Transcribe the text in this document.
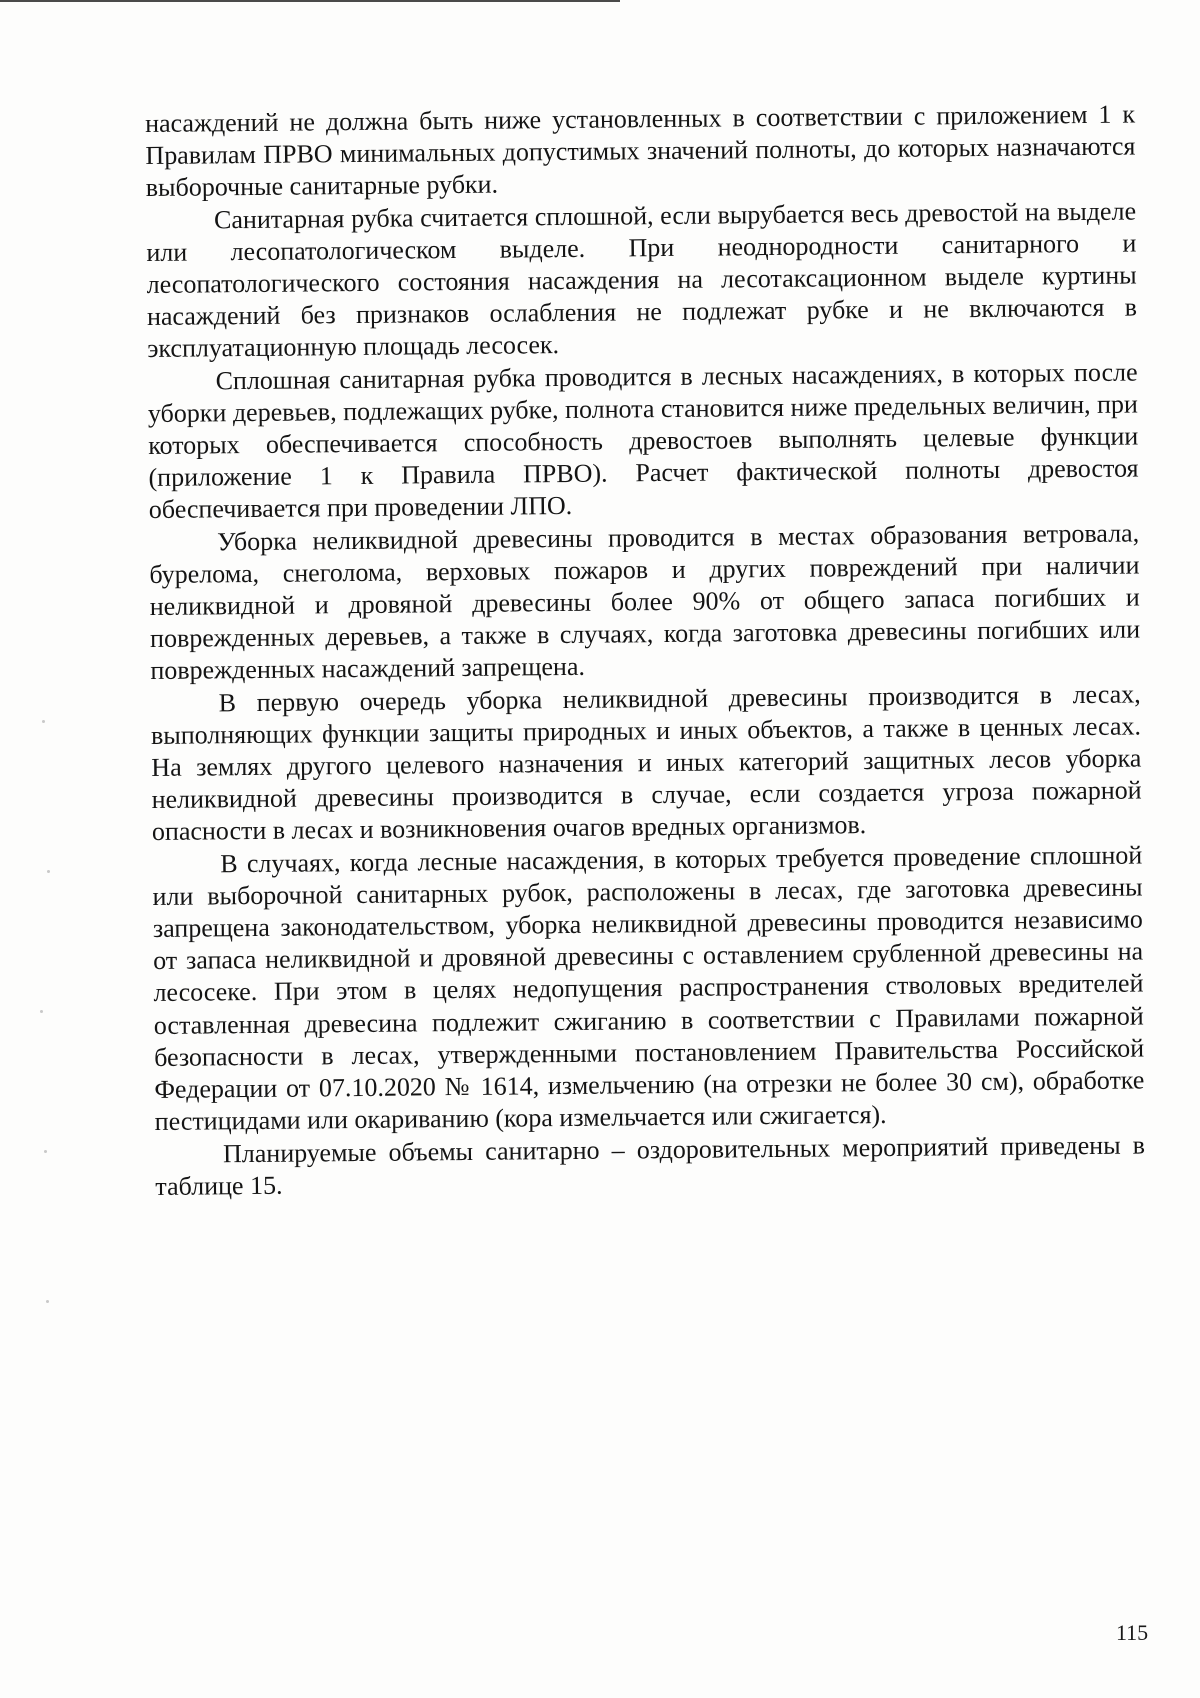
насаждений не должна быть ниже установленных в соответствии с приложением 1 к Правилам ПРВО минимальных допустимых значений полноты, до которых назначаются выборочные санитарные рубки.

Санитарная рубка считается сплошной, если вырубается весь древостой на выделе или лесопатологическом выделе. При неоднородности санитарного и лесопатологического состояния насаждения на лесотаксационном выделе куртины насаждений без признаков ослабления не подлежат рубке и не включаются в эксплуатационную площадь лесосек.

Сплошная санитарная рубка проводится в лесных насаждениях, в которых после уборки деревьев, подлежащих рубке, полнота становится ниже предельных величин, при которых обеспечивается способность древостоев выполнять целевые функции (приложение 1 к Правила ПРВО). Расчет фактической полноты древостоя обеспечивается при проведении ЛПО.

Уборка неликвидной древесины проводится в местах образования ветровала, бурелома, снеголома, верховых пожаров и других повреждений при наличии неликвидной и дровяной древесины более 90% от общего запаса погибших и поврежденных деревьев, а также в случаях, когда заготовка древесины погибших или поврежденных насаждений запрещена.

В первую очередь уборка неликвидной древесины производится в лесах, выполняющих функции защиты природных и иных объектов, а также в ценных лесах. На землях другого целевого назначения и иных категорий защитных лесов уборка неликвидной древесины производится в случае, если создается угроза пожарной опасности в лесах и возникновения очагов вредных организмов.

В случаях, когда лесные насаждения, в которых требуется проведение сплошной или выборочной санитарных рубок, расположены в лесах, где заготовка древесины запрещена законодательством, уборка неликвидной древесины проводится независимо от запаса неликвидной и дровяной древесины с оставлением срубленной древесины на лесосеке. При этом в целях недопущения распространения стволовых вредителей оставленная древесина подлежит сжиганию в соответствии с Правилами пожарной безопасности в лесах, утвержденными постановлением Правительства Российской Федерации от 07.10.2020 № 1614, измельчению (на отрезки не более 30 см), обработке пестицидами или окариванию (кора измельчается или сжигается).

Планируемые объемы санитарно – оздоровительных мероприятий приведены в таблице 15.

115
